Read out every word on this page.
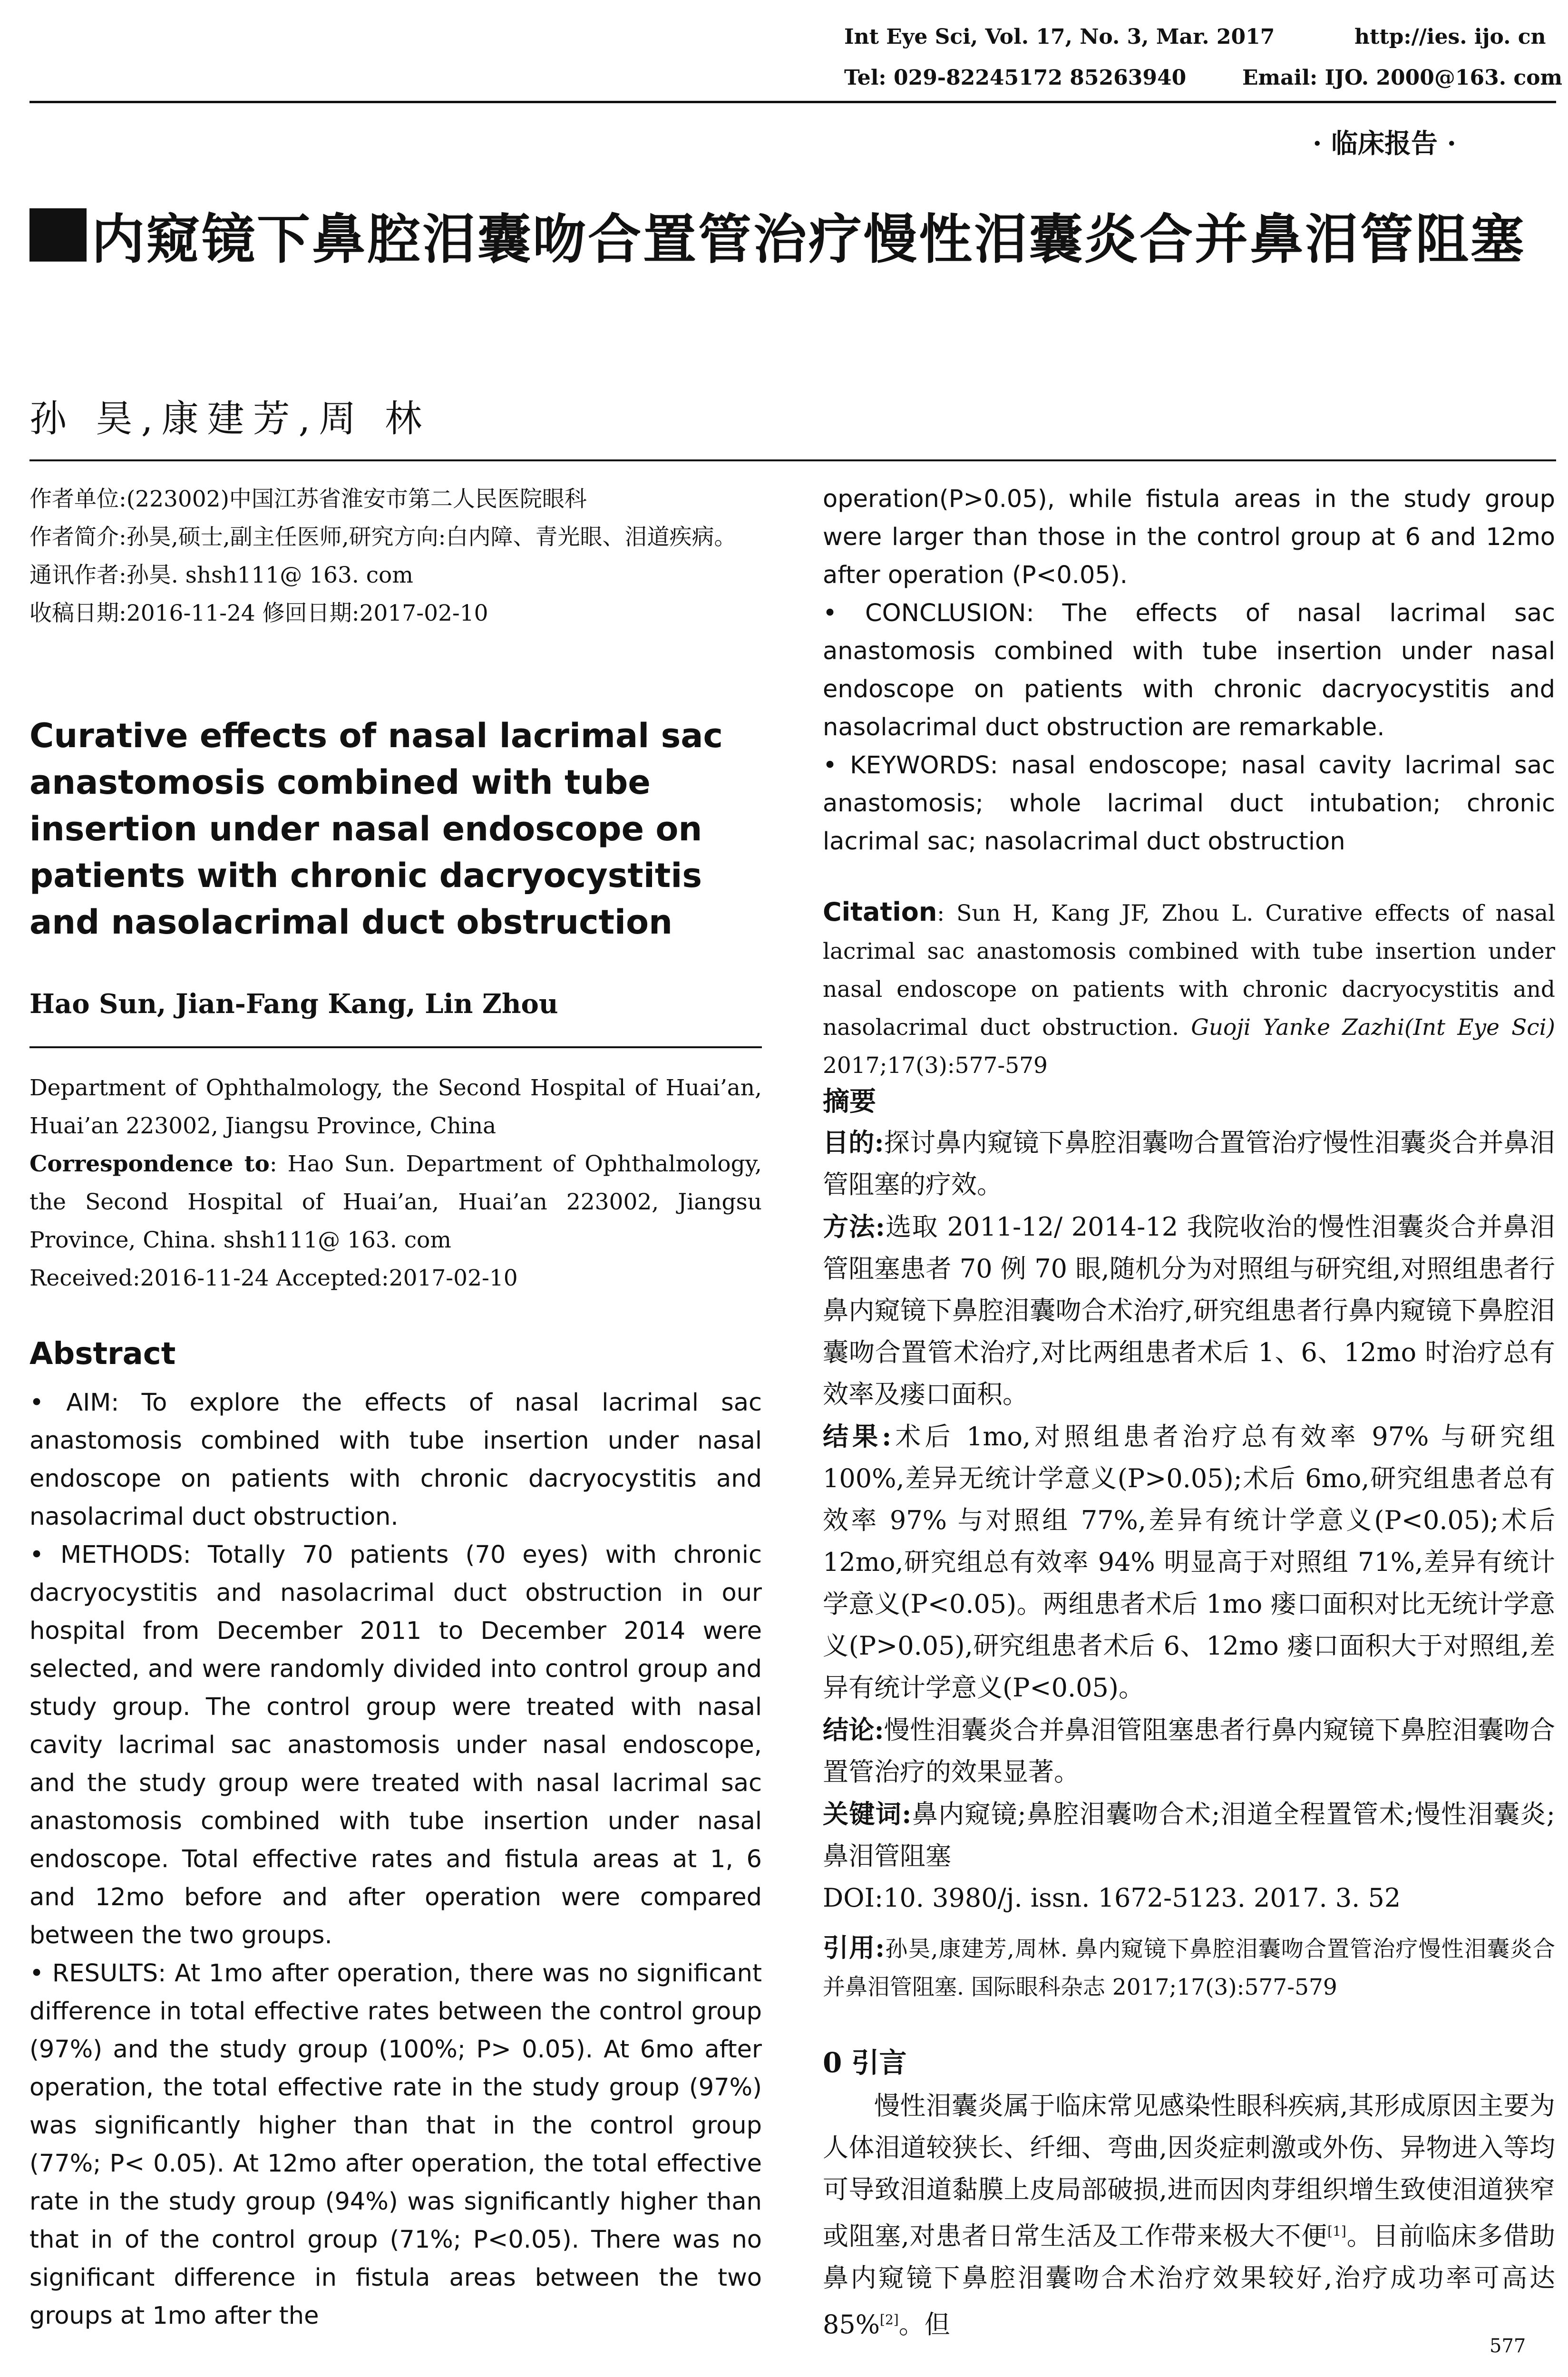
Int Eye Sci, Vol. 17, No. 3, Mar. 2017	http://ies. ijo. cn
Tel: 029-82245172 85263940	Email: IJO. 2000@163. com
· 临床报告 ·
内窥镜下鼻腔泪囊吻合置管治疗慢性泪囊炎合并鼻泪管阻塞
孙 昊,康建芳,周 林
作者单位:(223002)中国江苏省淮安市第二人民医院眼科
作者简介:孙昊,硕士,副主任医师,研究方向:白内障、青光眼、泪道疾病。
通讯作者:孙昊. shsh111@ 163. com
收稿日期:2016-11-24 修回日期:2017-02-10
Curative effects of nasal lacrimal sac anastomosis combined with tube insertion under nasal endoscope on patients with chronic dacryocystitis and nasolacrimal duct obstruction
Hao Sun, Jian-Fang Kang, Lin Zhou
Department of Ophthalmology, the Second Hospital of Huai’an, Huai’an 223002, Jiangsu Province, China
Correspondence to: Hao Sun. Department of Ophthalmology, the Second Hospital of Huai’an, Huai’an 223002, Jiangsu Province, China. shsh111@ 163. com
Received:2016-11-24 Accepted:2017-02-10
Abstract

• AIM: To explore the effects of nasal lacrimal sac anastomosis combined with tube insertion under nasal endoscope on patients with chronic dacryocystitis and nasolacrimal duct obstruction.

• METHODS: Totally 70 patients (70 eyes) with chronic dacryocystitis and nasolacrimal duct obstruction in our hospital from December 2011 to December 2014 were selected, and were randomly divided into control group and study group. The control group were treated with nasal cavity lacrimal sac anastomosis under nasal endoscope, and the study group were treated with nasal lacrimal sac anastomosis combined with tube insertion under nasal endoscope. Total effective rates and fistula areas at 1, 6 and 12mo before and after operation were compared between the two groups.

• RESULTS: At 1mo after operation, there was no significant difference in total effective rates between the control group (97%) and the study group (100%; P> 0.05). At 6mo after operation, the total effective rate in the study group (97%) was significantly higher than that in the control group (77%; P< 0.05). At 12mo after operation, the total effective rate in the study group (94%) was significantly higher than that in of the control group (71%; P<0.05). There was no significant difference in fistula areas between the two groups at 1mo after the

operation(P>0.05), while fistula areas in the study group were larger than those in the control group at 6 and 12mo after operation (P<0.05).

• CONCLUSION: The effects of nasal lacrimal sac anastomosis combined with tube insertion under nasal endoscope on patients with chronic dacryocystitis and nasolacrimal duct obstruction are remarkable.

• KEYWORDS: nasal endoscope; nasal cavity lacrimal sac anastomosis; whole lacrimal duct intubation; chronic lacrimal sac; nasolacrimal duct obstruction

Citation: Sun H, Kang JF, Zhou L. Curative effects of nasal lacrimal sac anastomosis combined with tube insertion under nasal endoscope on patients with chronic dacryocystitis and nasolacrimal duct obstruction. Guoji Yanke Zazhi(Int Eye Sci) 2017;17(3):577-579
摘要

目的:探讨鼻内窥镜下鼻腔泪囊吻合置管治疗慢性泪囊炎合并鼻泪管阻塞的疗效。

方法:选取 2011-12/ 2014-12 我院收治的慢性泪囊炎合并鼻泪管阻塞患者 70 例 70 眼,随机分为对照组与研究组,对照组患者行鼻内窥镜下鼻腔泪囊吻合术治疗,研究组患者行鼻内窥镜下鼻腔泪囊吻合置管术治疗,对比两组患者术后 1、6、12mo 时治疗总有效率及瘘口面积。

结果:术后 1mo,对照组患者治疗总有效率 97% 与研究组 100%,差异无统计学意义(P>0.05);术后 6mo,研究组患者总有效率 97% 与对照组 77%,差异有统计学意义(P<0.05);术后 12mo,研究组总有效率 94% 明显高于对照组 71%,差异有统计学意义(P<0.05)。两组患者术后 1mo 瘘口面积对比无统计学意义(P>0.05),研究组患者术后 6、12mo 瘘口面积大于对照组,差异有统计学意义(P<0.05)。

结论:慢性泪囊炎合并鼻泪管阻塞患者行鼻内窥镜下鼻腔泪囊吻合置管治疗的效果显著。

关键词:鼻内窥镜;鼻腔泪囊吻合术;泪道全程置管术;慢性泪囊炎;鼻泪管阻塞

DOI:10. 3980/j. issn. 1672-5123. 2017. 3. 52

引用:孙昊,康建芳,周林. 鼻内窥镜下鼻腔泪囊吻合置管治疗慢性泪囊炎合并鼻泪管阻塞. 国际眼科杂志 2017;17(3):577-579
0 引言
慢性泪囊炎属于临床常见感染性眼科疾病,其形成原因主要为人体泪道较狭长、纤细、弯曲,因炎症刺激或外伤、异物进入等均可导致泪道黏膜上皮局部破损,进而因肉芽组织增生致使泪道狭窄或阻塞,对患者日常生活及工作带来极大不便[1]。目前临床多借助鼻内窥镜下鼻腔泪囊吻合术治疗效果较好,治疗成功率可高达 85%[2]。但
577
